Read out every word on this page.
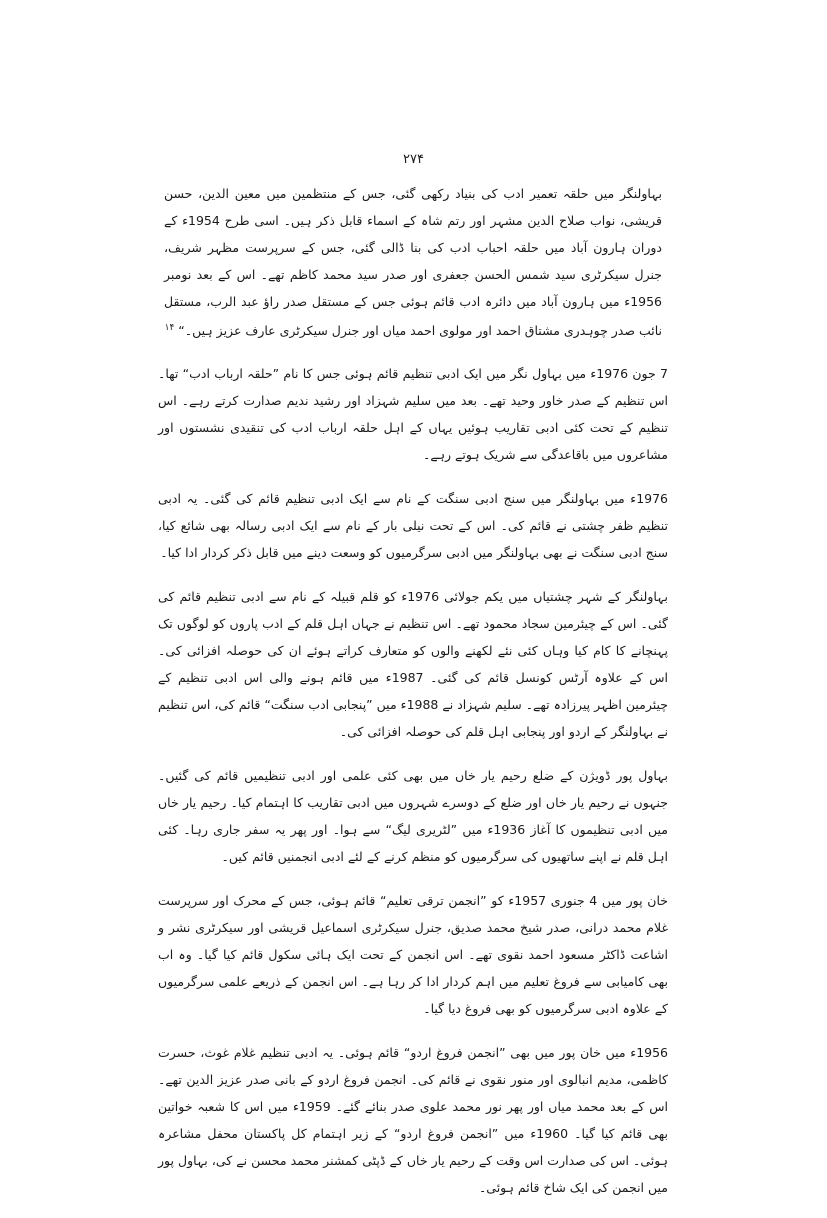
۲۷۴

بہاولنگر میں حلقہ تعمیر ادب کی بنیاد رکھی گئی، جس کے منتظمین میں معین الدین، حسن قریشی، نواب صلاح الدین مشہر اور رتم شاہ کے اسماء قابل ذکر ہیں۔ اسی طرح 1954ء کے دوران ہارون آباد میں حلقہ احباب ادب کی بنا ڈالی گئی، جس کے سرپرست مظہر شریف، جنرل سیکرٹری سید شمس الحسن جعفری اور صدر سید محمد کاظم تھے۔ اس کے بعد نومبر 1956ء میں ہارون آباد میں دائرہ ادب قائم ہوئی جس کے مستقل صدر راؤ عبد الرب، مستقل نائب صدر چوہدری مشتاق احمد اور مولوی احمد میاں اور جنرل سیکرٹری عارف عزیز ہیں۔“ $^{۱۴}$

7 جون 1976ء میں بہاول نگر میں ایک ادبی تنظیم قائم ہوئی جس کا نام ”حلقہ ارباب ادب“ تھا۔ اس تنظیم کے صدر خاور وحید تھے۔ بعد میں سلیم شہزاد اور رشید ندیم صدارت کرتے رہے۔ اس تنظیم کے تحت کئی ادبی تقاریب ہوئیں یہاں کے اہل حلقہ ارباب ادب کی تنقیدی نشستوں اور مشاعروں میں باقاعدگی سے شریک ہوتے رہے۔

1976ء میں بہاولنگر میں سنج ادبی سنگت کے نام سے ایک ادبی تنظیم قائم کی گئی۔ یہ ادبی تنظیم ظفر چشتی نے قائم کی۔ اس کے تحت نیلی بار کے نام سے ایک ادبی رسالہ بھی شائع کیا، سنج ادبی سنگت نے بھی بہاولنگر میں ادبی سرگرمیوں کو وسعت دینے میں قابل ذکر کردار ادا کیا۔

بہاولنگر کے شہر چشتیاں میں یکم جولائی 1976ء کو قلم قبیلہ کے نام سے ادبی تنظیم قائم کی گئی۔ اس کے چیئرمین سجاد محمود تھے۔ اس تنظیم نے جہاں اہل قلم کے ادب پاروں کو لوگوں تک پہنچانے کا کام کیا وہاں کئی نئے لکھنے والوں کو متعارف کراتے ہوئے ان کی حوصلہ افزائی کی۔ اس کے علاوہ آرٹس کونسل قائم کی گئی۔ 1987ء میں قائم ہونے والی اس ادبی تنظیم کے چیئرمین اظہر پیرزادہ تھے۔ سلیم شہزاد نے 1988ء میں ”پنجابی ادب سنگت“ قائم کی، اس تنظیم نے بہاولنگر کے اردو اور پنجابی اہل قلم کی حوصلہ افزائی کی۔

بہاول پور ڈویژن کے ضلع رحیم یار خاں میں بھی کئی علمی اور ادبی تنظیمیں قائم کی گئیں۔ جنہوں نے رحیم یار خاں اور ضلع کے دوسرے شہروں میں ادبی تقاریب کا اہتمام کیا۔ رحیم یار خاں میں ادبی تنظیموں کا آغاز 1936ء میں ”لٹریری لیگ“ سے ہوا۔ اور پھر یہ سفر جاری رہا۔ کئی اہل قلم نے اپنے ساتھیوں کی سرگرمیوں کو منظم کرنے کے لئے ادبی انجمنیں قائم کیں۔

خان پور میں 4 جنوری 1957ء کو ”انجمن ترقی تعلیم“ قائم ہوئی، جس کے محرک اور سرپرست غلام محمد درانی، صدر شیخ محمد صدیق، جنرل سیکرٹری اسماعیل قریشی اور سیکرٹری نشر و اشاعت ڈاکٹر مسعود احمد نقوی تھے۔ اس انجمن کے تحت ایک ہائی سکول قائم کیا گیا۔ وہ اب بھی کامیابی سے فروغ تعلیم میں اہم کردار ادا کر رہا ہے۔ اس انجمن کے ذریعے علمی سرگرمیوں کے علاوہ ادبی سرگرمیوں کو بھی فروغ دیا گیا۔

1956ء میں خان پور میں بھی ”انجمن فروغ اردو“ قائم ہوئی۔ یہ ادبی تنظیم غلام غوث، حسرت کاظمی، مدیم انبالوی اور منور نقوی نے قائم کی۔ انجمن فروغ اردو کے بانی صدر عزیز الدین تھے۔ اس کے بعد محمد میاں اور پھر نور محمد علوی صدر بنائے گئے۔ 1959ء میں اس کا شعبہ خواتین بھی قائم کیا گیا۔ 1960ء میں ”انجمن فروغ اردو“ کے زیر اہتمام کل پاکستان محفل مشاعرہ ہوئی۔ اس کی صدارت اس وقت کے رحیم یار خاں کے ڈپٹی کمشنر محمد محسن نے کی، بہاول پور میں انجمن کی ایک شاخ قائم ہوئی۔
